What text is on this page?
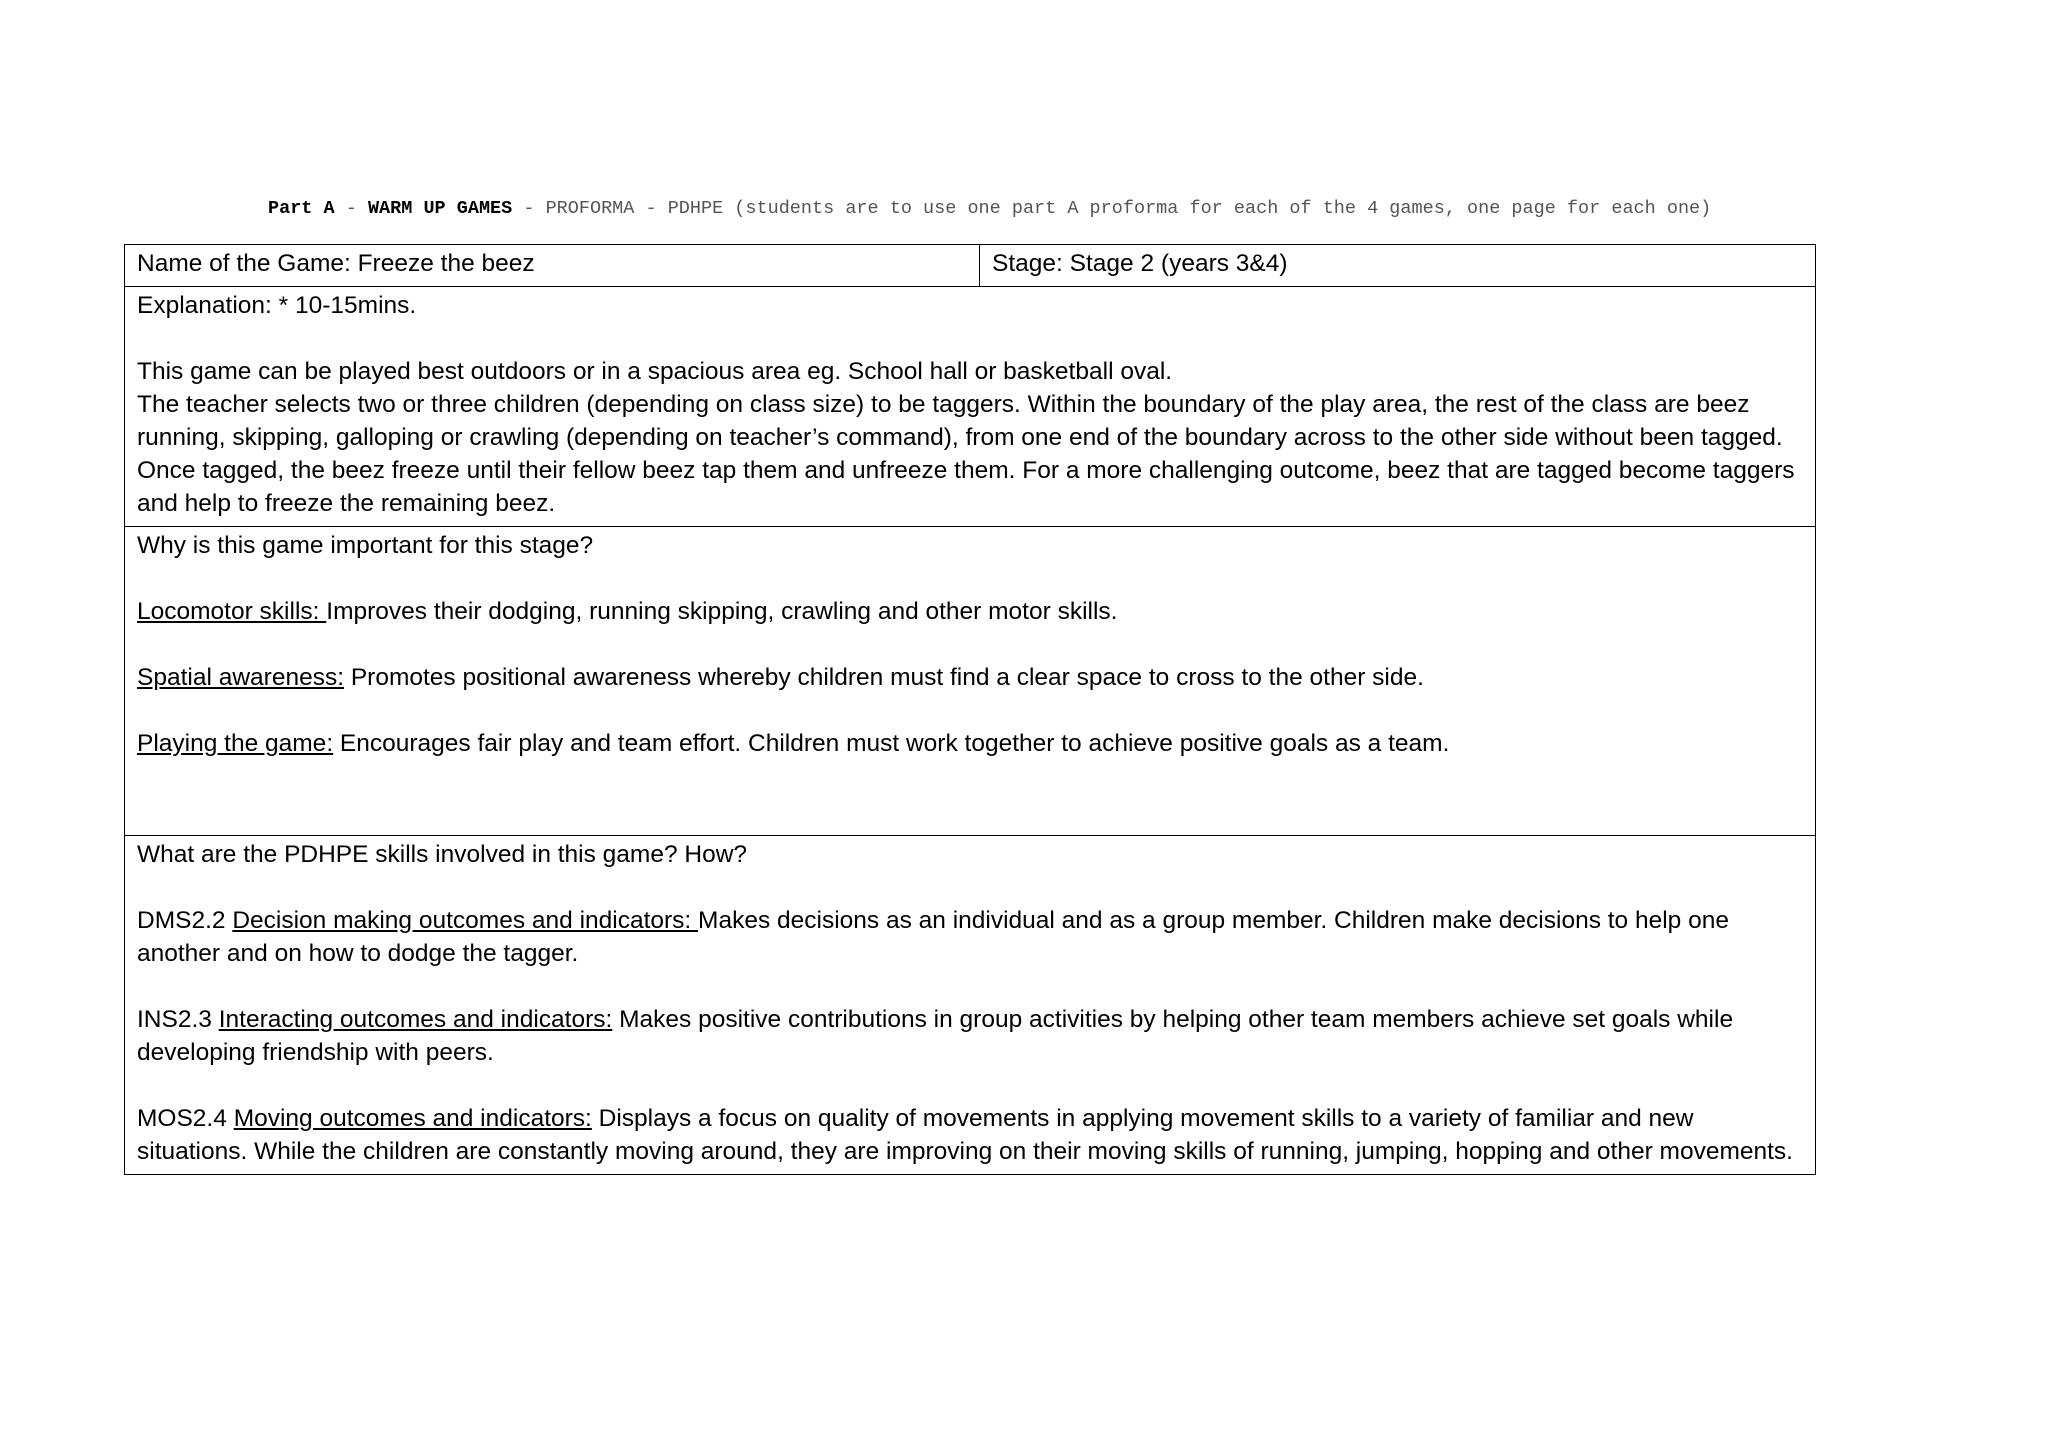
Part A - WARM UP GAMES - PROFORMA - PDHPE (students are to use one part A proforma for each of the 4 games, one page for each one)
Name of the Game: Freeze the beez	Stage: Stage 2 (years 3&4)

Explanation: * 10-15mins.

This game can be played best outdoors or in a spacious area eg. School hall or basketball oval.

The teacher selects two or three children (depending on class size) to be taggers. Within the boundary of the play area, the rest of the class are beez running, skipping, galloping or crawling (depending on teacher’s command), from one end of the boundary across to the other side without been tagged. Once tagged, the beez freeze until their fellow beez tap them and unfreeze them. For a more challenging outcome, beez that are tagged become taggers and help to freeze the remaining beez.

Why is this game important for this stage?

Locomotor skills: Improves their dodging, running skipping, crawling and other motor skills.

Spatial awareness: Promotes positional awareness whereby children must find a clear space to cross to the other side.

Playing the game: Encourages fair play and team effort. Children must work together to achieve positive goals as a team.

What are the PDHPE skills involved in this game? How?

DMS2.2 Decision making outcomes and indicators: Makes decisions as an individual and as a group member. Children make decisions to help one another and on how to dodge the tagger.

INS2.3 Interacting outcomes and indicators: Makes positive contributions in group activities by helping other team members achieve set goals while developing friendship with peers.

MOS2.4 Moving outcomes and indicators: Displays a focus on quality of movements in applying movement skills to a variety of familiar and new situations. While the children are constantly moving around, they are improving on their moving skills of running, jumping, hopping and other movements.
